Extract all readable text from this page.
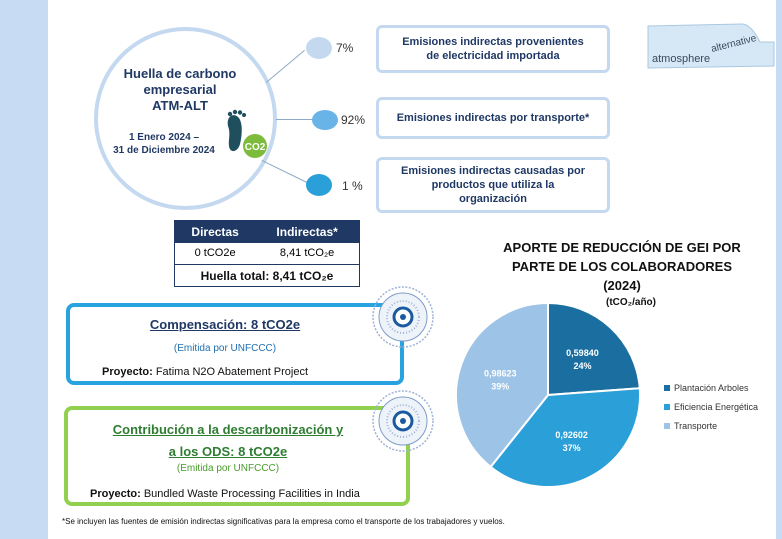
Huella de carbono
empresarial
ATM-ALT
1 Enero 2024 –
31 de Diciembre 2024	CO2
7%
92%
1 %
Emisiones indirectas provenientes
de electricidad importada
Emisiones indirectas por transporte*
Emisiones indirectas causadas por
productos que utiliza la
organización
atmosphere
alternative
Directas	Indirectas*
0 tCO2e	8,41 tCO₂e
Huella total: 8,41 tCO₂e	
Compensación: 8 tCO2e
(Emitida por UNFCCC)
Proyecto: Fatima N2O Abatement Project
Contribución a la descarbonización y
a los ODS: 8 tCO2e
(Emitida por UNFCCC)
Proyecto: Bundled Waste Processing Facilities in India
APORTE DE REDUCCIÓN DE GEI POR
PARTE DE LOS COLABORADORES
(2024)
(tCO₂/año)
0,59840
24%
0,92602
37%
0,98623
39%	Plantación Arboles
Eficiencia Energética
Transporte
*Se incluyen las fuentes de emisión indirectas significativas para la empresa como el transporte de los trabajadores y vuelos.
